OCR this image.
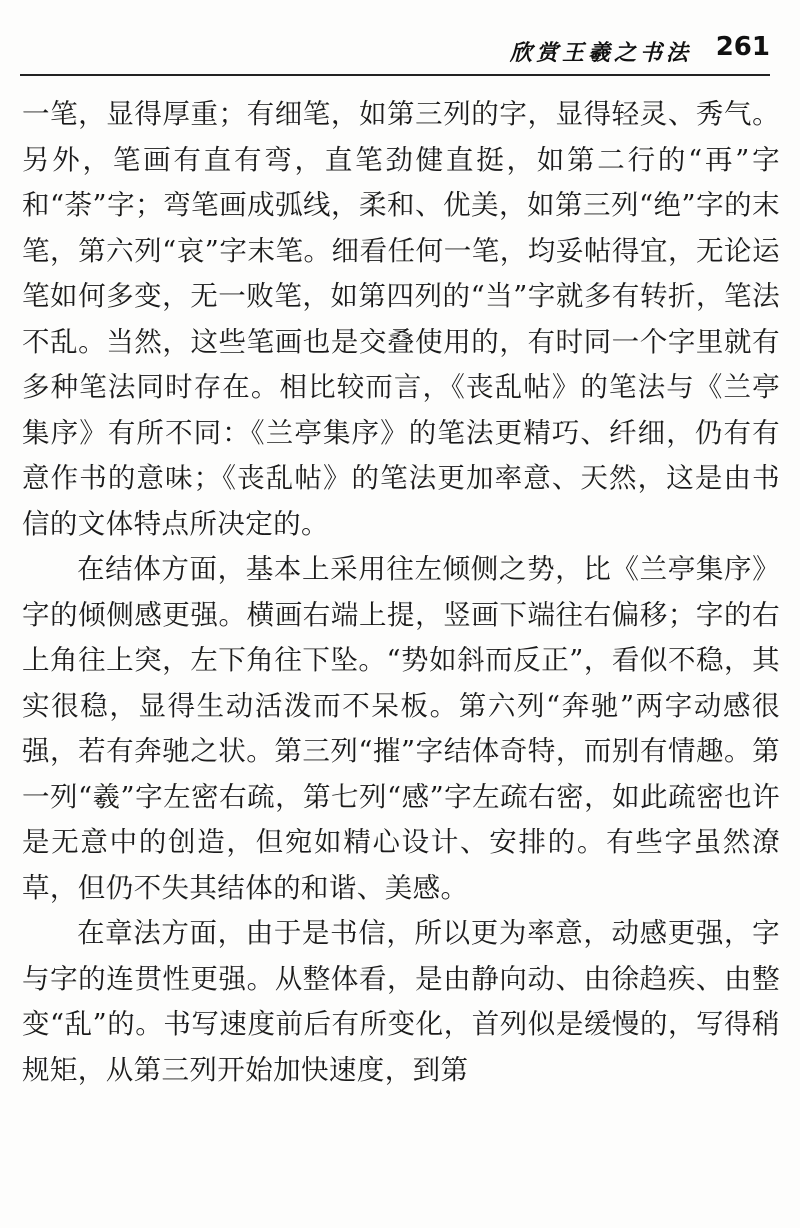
欣赏王羲之书法 261

一笔，显得厚重；有细笔，如第三列的字，显得轻灵、秀气。另外，笔画有直有弯，直笔劲健直挺，如第二行的“再”字和“荼”字；弯笔画成弧线，柔和、优美，如第三列“绝”字的末笔，第六列“哀”字末笔。细看任何一笔，均妥帖得宜，无论运笔如何多变，无一败笔，如第四列的“当”字就多有转折，笔法不乱。当然，这些笔画也是交叠使用的，有时同一个字里就有多种笔法同时存在。相比较而言，《丧乱帖》的笔法与《兰亭集序》有所不同：《兰亭集序》的笔法更精巧、纤细，仍有有意作书的意味；《丧乱帖》的笔法更加率意、天然，这是由书信的文体特点所决定的。

在结体方面，基本上采用往左倾侧之势，比《兰亭集序》字的倾侧感更强。横画右端上提，竖画下端往右偏移；字的右上角往上突，左下角往下坠。“势如斜而反正”，看似不稳，其实很稳，显得生动活泼而不呆板。第六列“奔驰”两字动感很强，若有奔驰之状。第三列“摧”字结体奇特，而别有情趣。第一列“羲”字左密右疏，第七列“感”字左疏右密，如此疏密也许是无意中的创造，但宛如精心设计、安排的。有些字虽然潦草，但仍不失其结体的和谐、美感。

在章法方面，由于是书信，所以更为率意，动感更强，字与字的连贯性更强。从整体看，是由静向动、由徐趋疾、由整变“乱”的。书写速度前后有所变化，首列似是缓慢的，写得稍规矩，从第三列开始加快速度，到第
